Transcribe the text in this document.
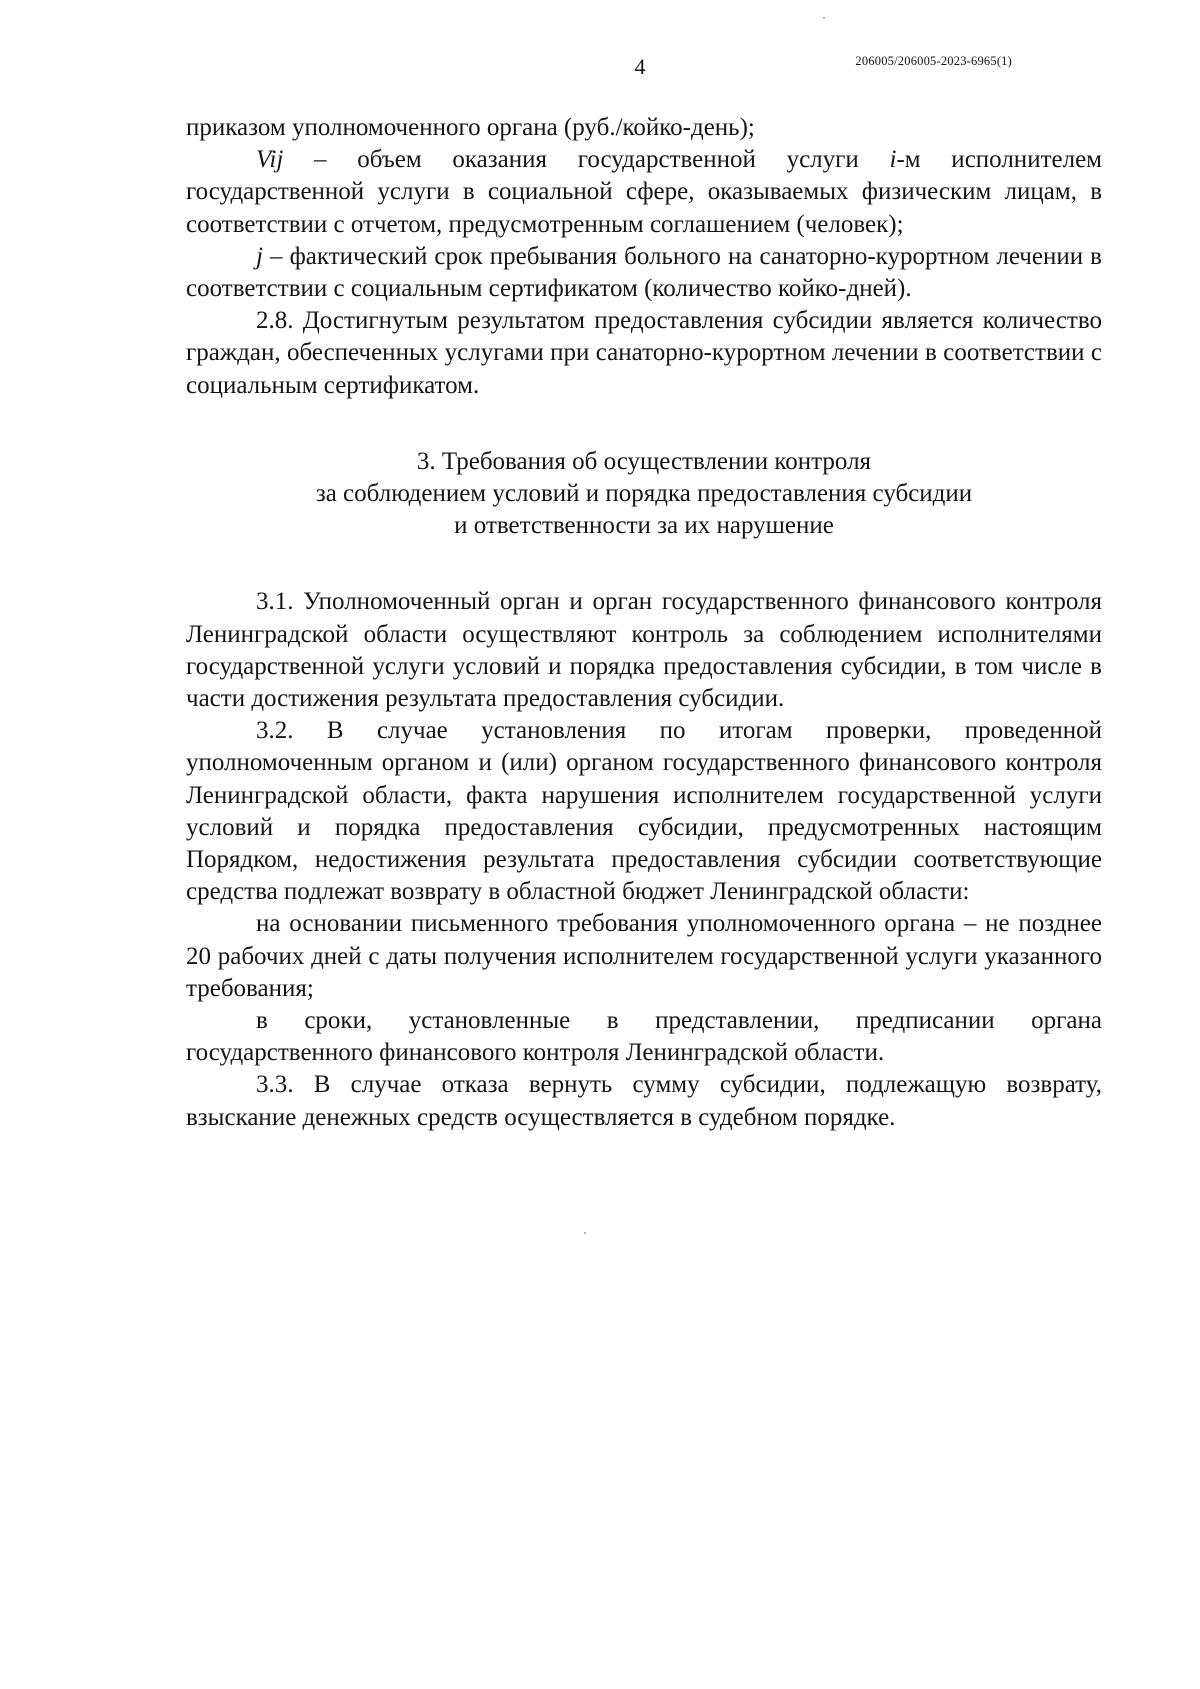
4	206005/206005-2023-6965(1)

приказом уполномоченного органа (руб./койко-день);

Vij – объем оказания государственной услуги i-м исполнителем государственной услуги в социальной сфере, оказываемых физическим лицам, в соответствии с отчетом, предусмотренным соглашением (человек);

j – фактический срок пребывания больного на санаторно-курортном лечении в соответствии с социальным сертификатом (количество койко-дней).

2.8. Достигнутым результатом предоставления субсидии является количество граждан, обеспеченных услугами при санаторно-курортном лечении в соответствии с социальным сертификатом.

3. Требования об осуществлении контроля
за соблюдением условий и порядка предоставления субсидии
и ответственности за их нарушение

3.1. Уполномоченный орган и орган государственного финансового контроля Ленинградской области осуществляют контроль за соблюдением исполнителями государственной услуги условий и порядка предоставления субсидии, в том числе в части достижения результата предоставления субсидии.

3.2. В случае установления по итогам проверки, проведенной уполномоченным органом и (или) органом государственного финансового контроля Ленинградской области, факта нарушения исполнителем государственной услуги условий и порядка предоставления субсидии, предусмотренных настоящим Порядком, недостижения результата предоставления субсидии соответствующие средства подлежат возврату в областной бюджет Ленинградской области:

на основании письменного требования уполномоченного органа – не позднее 20 рабочих дней с даты получения исполнителем государственной услуги указанного требования;

в сроки, установленные в представлении, предписании органа государственного финансового контроля Ленинградской области.

3.3. В случае отказа вернуть сумму субсидии, подлежащую возврату, взыскание денежных средств осуществляется в судебном порядке.
